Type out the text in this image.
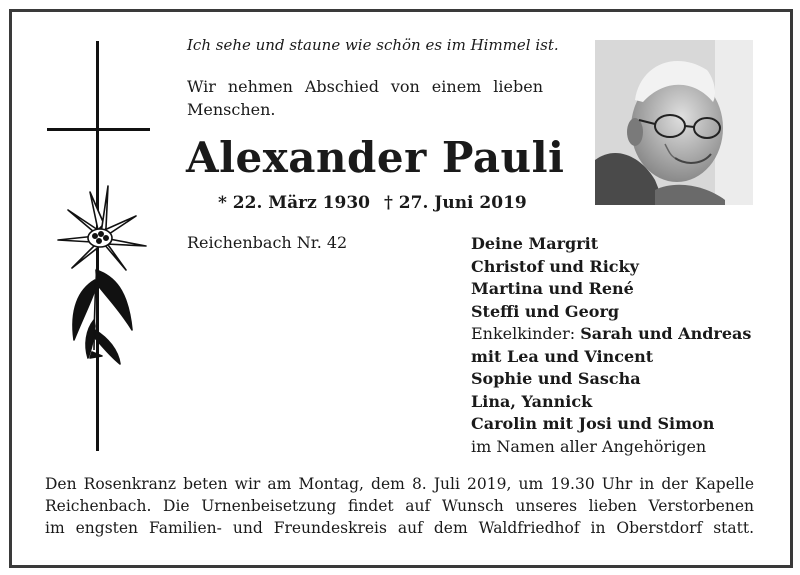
Ich sehe und staune wie schön es im Himmel ist.
Wir nehmen Abschied von einem lieben
Menschen.
Alexander Pauli
* 22. März 1930 † 27. Juni 2019
Reichenbach Nr. 42	Deine Margrit
Christof und Ricky
Martina und René
Steffi und Georg
Enkelkinder: Sarah und Andreas
mit Lea und Vincent
Sophie und Sascha
Lina, Yannick
Carolin mit Josi und Simon
im Namen aller Angehörigen
Den Rosenkranz beten wir am Montag, dem 8. Juli 2019, um 19.30 Uhr in der Kapelle
Reichenbach. Die Urnenbeisetzung findet auf Wunsch unseres lieben Verstorbenen
im engsten Familien- und Freundeskreis auf dem Waldfriedhof in Oberstdorf statt.
